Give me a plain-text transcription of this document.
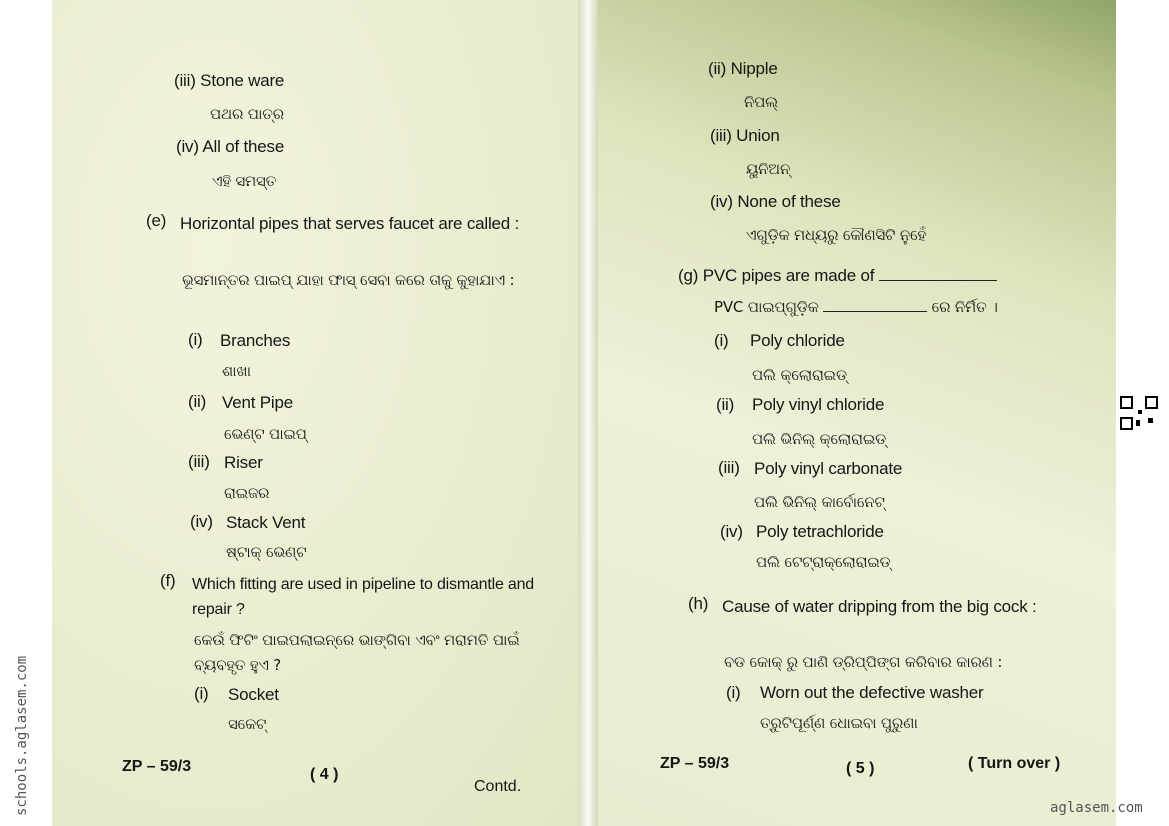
(iii) Stone ware
ପଥର ପାତ୍ର
(iv) All of these
ଏହି ସମସ୍ତ
(e) Horizontal pipes that serves faucet are called :
ଭୂସମାନ୍ତର ପାଇପ୍ ଯାହା ଫାସ୍ ସେବା କରେ ତାକୁ କୁହାଯାଏ :
(i) Branches
ଶାଖା
(ii) Vent Pipe
ଭେଣ୍ଟ ପାଇପ୍
(iii) Riser
ରାଇଜର
(iv) Stack Vent
ଷ୍ଟାକ୍ ଭେଣ୍ଟ
(f) Which fitting are used in pipeline to dismantle and repair ?
କେଉଁ ଫିଟିଂ ପାଇପଲାଇନ୍‌ରେ ଭାଙ୍ଗିବା ଏବଂ ମରାମତି ପାଇଁ ବ୍ୟବହୃତ ହୁଏ ?
(i) Socket
ସକେଟ୍
ZP – 59/3	( 4 )
Contd.
(ii) Nipple
ନିପଲ୍
(iii) Union
ୟୁନିଅନ୍
(iv) None of these
ଏଗୁଡ଼ିକ ମଧ୍ୟରୁ କୌଣସିଟି ନୁହେଁ
(g) PVC pipes are made of
PVC ପାଇପ୍‌ଗୁଡ଼ିକ	ରେ ନିର୍ମିତ ।
(i) Poly chloride
ପଲି କ୍ଲୋରାଇଡ୍
(ii) Poly vinyl chloride
ପଲି ଭିନିଲ୍ କ୍ଲୋରାଇଡ୍
(iii) Poly vinyl carbonate
ପଲି ଭିନିଲ୍ କାର୍ବୋନେଟ୍
(iv) Poly tetrachloride
ପଲି ଟେଟ୍ରାକ୍ଲୋରାଇଡ୍
(h) Cause of water dripping from the big cock :
ବଡ କୋକ୍ ରୁ ପାଣି ଡ୍ରିପ୍‌ପିଙ୍ଗ କରିବାର କାରଣ :
(i) Worn out the defective washer
ତ୍ରୁଟିପୂର୍ଣ୍ଣ ଧୋଇବା ପୁରୁଣା
ZP – 59/3	( 5 )	( Turn over )
schools.aglasem.com	aglasem.com
